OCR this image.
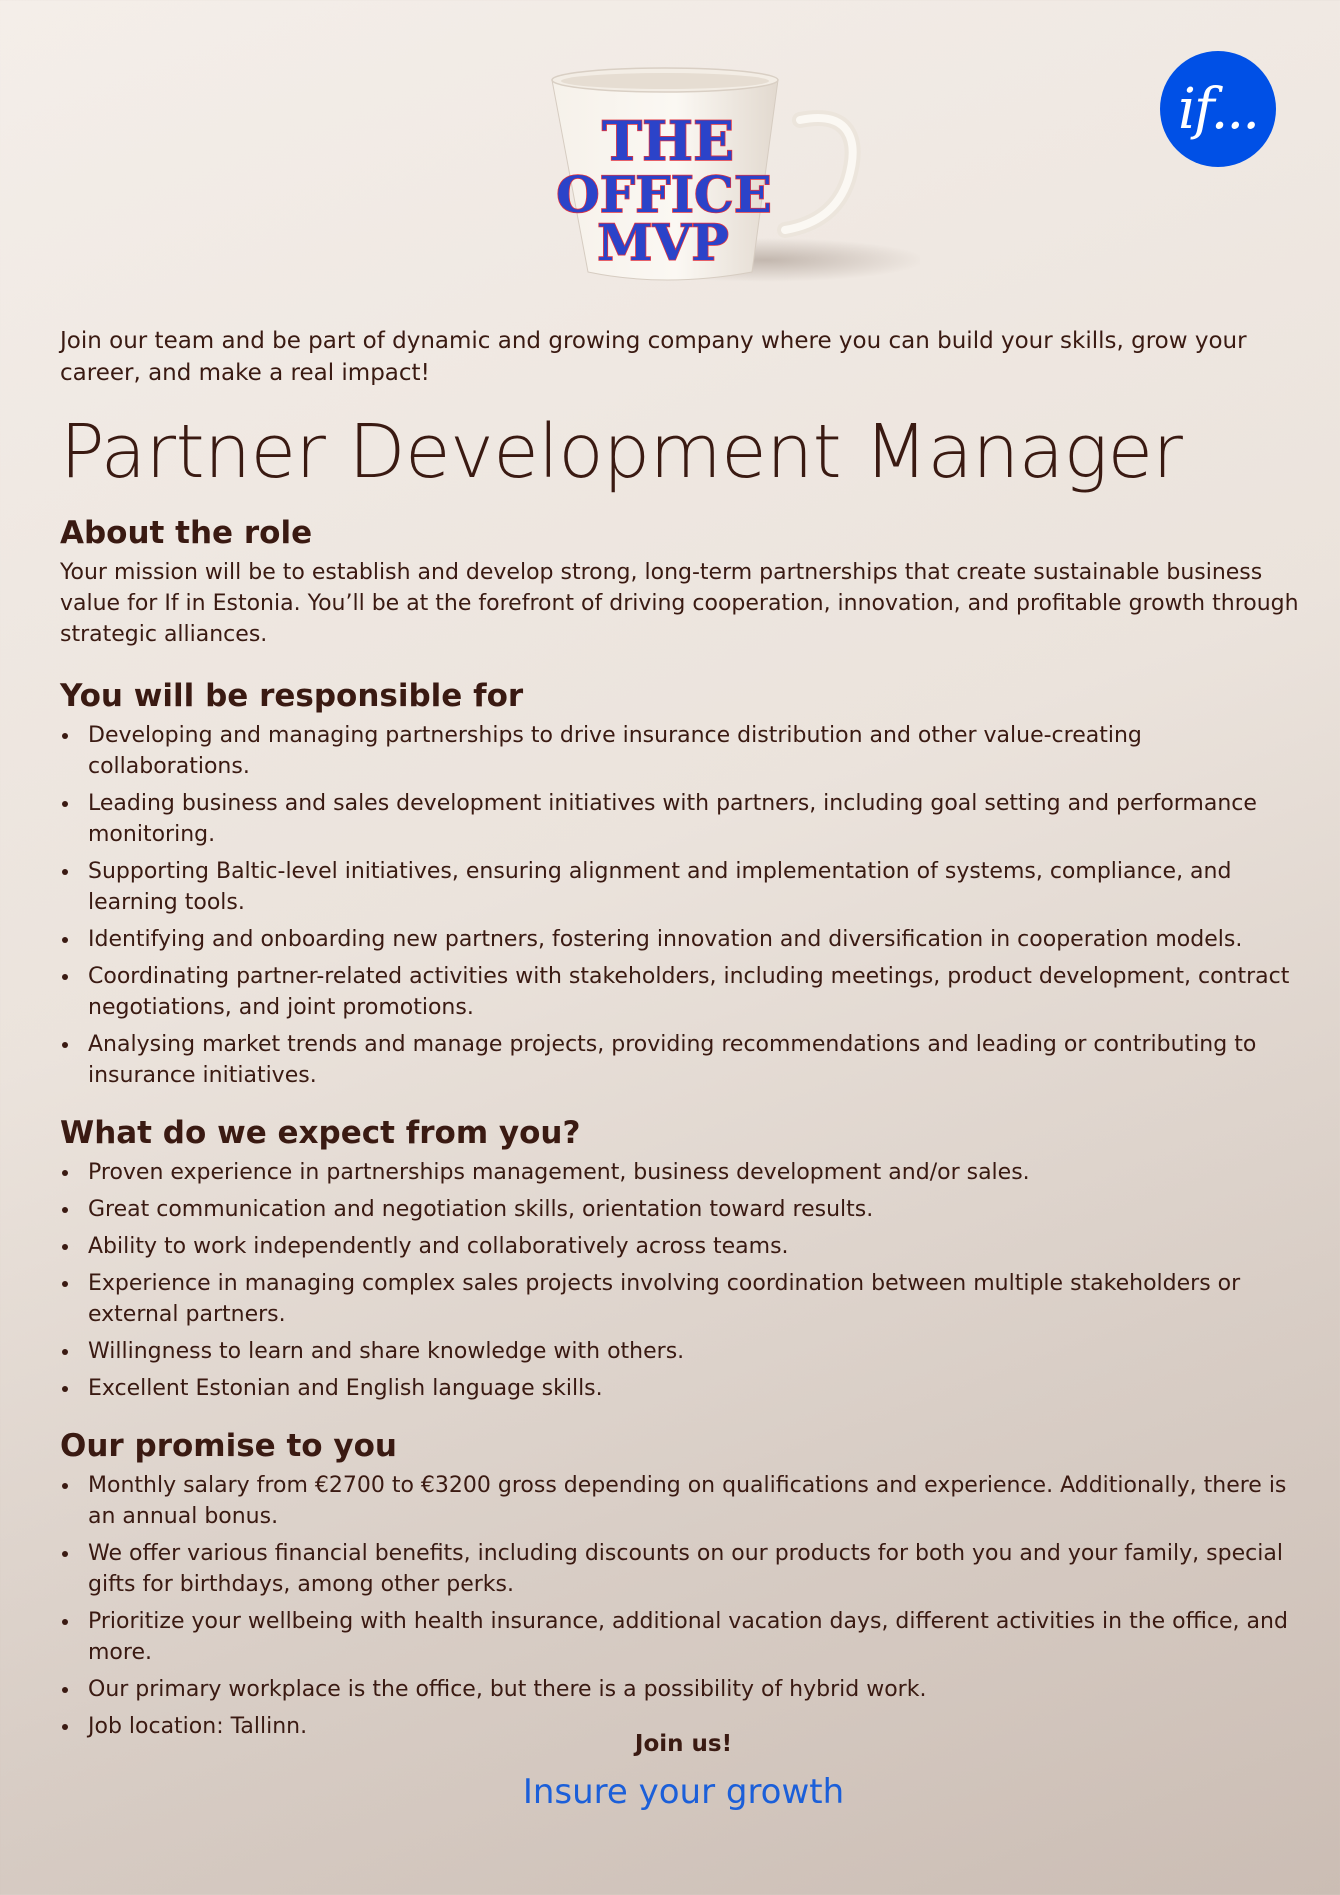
THE
OFFICE
MVP
if...

Join our team and be part of dynamic and growing company where you can build your skills, grow your career, and make a real impact!

Partner Development Manager
About the role

Your mission will be to establish and develop strong, long-term partnerships that create sustainable business value for If in Estonia. You’ll be at the forefront of driving cooperation, innovation, and profitable growth through strategic alliances.

You will be responsible for
Developing and managing partnerships to drive insurance distribution and other value-creating collaborations.
Leading business and sales development initiatives with partners, including goal setting and performance monitoring.
Supporting Baltic-level initiatives, ensuring alignment and implementation of systems, compliance, and learning tools.
Identifying and onboarding new partners, fostering innovation and diversification in cooperation models.
Coordinating partner-related activities with stakeholders, including meetings, product development, contract negotiations, and joint promotions.
Analysing market trends and manage projects, providing recommendations and leading or contributing to insurance initiatives.
What do we expect from you?
Proven experience in partnerships management, business development and/or sales.
Great communication and negotiation skills, orientation toward results.
Ability to work independently and collaboratively across teams.
Experience in managing complex sales projects involving coordination between multiple stakeholders or external partners.
Willingness to learn and share knowledge with others.
Excellent Estonian and English language skills.
Our promise to you
Monthly salary from €2700 to €3200 gross depending on qualifications and experience. Additionally, there is an annual bonus.
We offer various financial benefits, including discounts on our products for both you and your family, special gifts for birthdays, among other perks.
Prioritize your wellbeing with health insurance, additional vacation days, different activities in the office, and more.
Our primary workplace is the office, but there is a possibility of hybrid work.
Job location: Tallinn.

Join us!

Insure your growth
